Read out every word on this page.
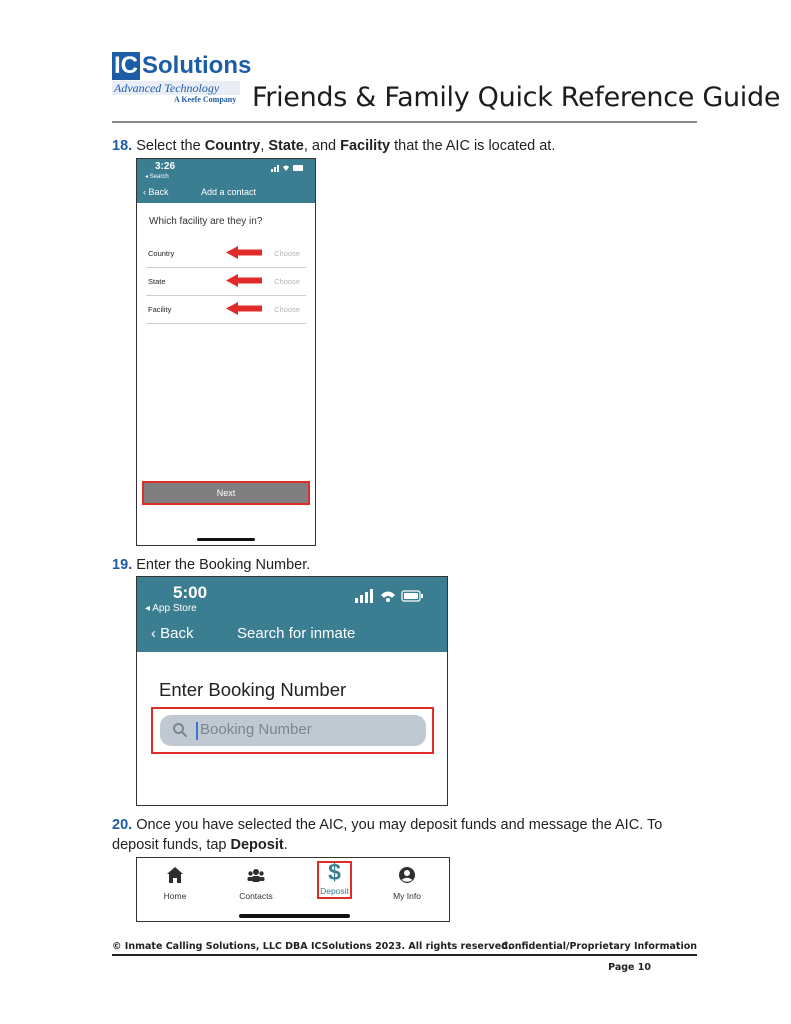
IC Solutions
Advanced Technology
A Keefe Company Friends & Family Quick Reference Guide
18. Select the Country, State, and Facility that the AIC is located at.
3:26
◂ Search
‹ Back	Add a contact
Which facility are they in?
Country	Choose
State	Choose
Facility	Choose
Next
19. Enter the Booking Number.
5:00
◂ App Store
‹ Back	Search for inmate
Enter Booking Number
Booking Number
20. Once you have selected the AIC, you may deposit funds and message the AIC. To deposit funds, tap Deposit.
Home	Contacts
$
Deposit	My Info
© Inmate Calling Solutions, LLC DBA ICSolutions 2023. All rights reserved.
Confidential/Proprietary Information
Page 10
